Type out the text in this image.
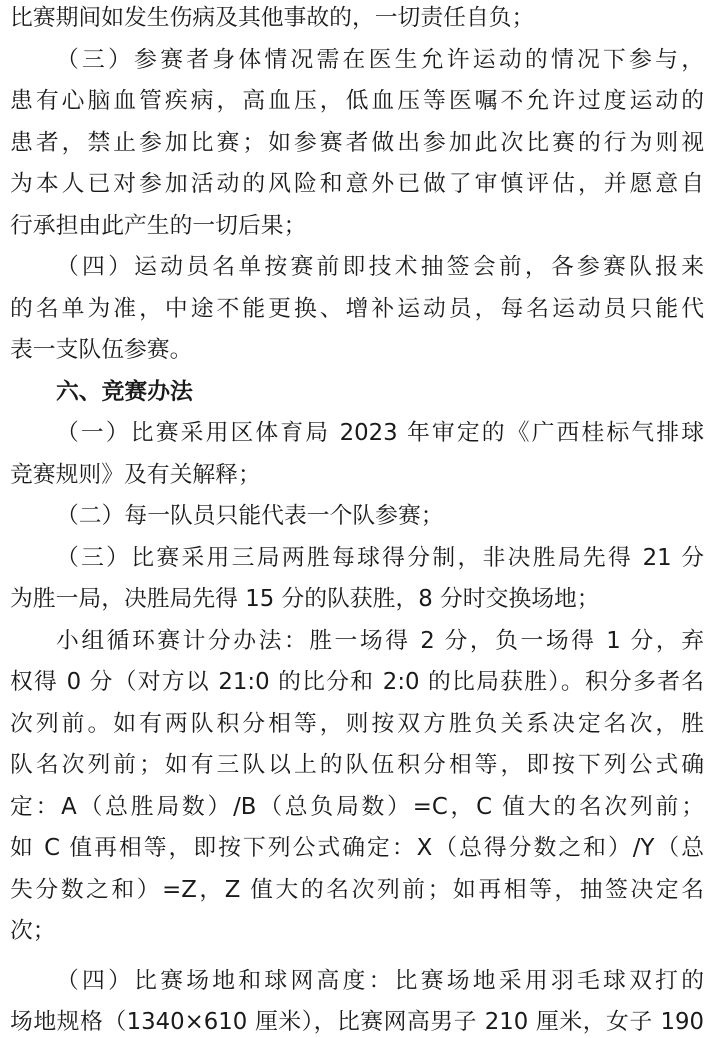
比赛期间如发生伤病及其他事故的，一切责任自负；
（三）参赛者身体情况需在医生允许运动的情况下参与，
患有心脑血管疾病，高血压，低血压等医嘱不允许过度运动的
患者，禁止参加比赛；如参赛者做出参加此次比赛的行为则视
为本人已对参加活动的风险和意外已做了审慎评估，并愿意自
行承担由此产生的一切后果；
（四）运动员名单按赛前即技术抽签会前，各参赛队报来
的名单为准，中途不能更换、增补运动员，每名运动员只能代
表一支队伍参赛。
六、竞赛办法
（一）比赛采用区体育局 2023 年审定的《广西桂标气排球
竞赛规则》及有关解释；
（二）每一队员只能代表一个队参赛；
（三）比赛采用三局两胜每球得分制，非决胜局先得 21 分
为胜一局，决胜局先得 15 分的队获胜，8 分时交换场地；
小组循环赛计分办法：胜一场得 2 分，负一场得 1 分，弃
权得 0 分（对方以 21:0 的比分和 2:0 的比局获胜）。积分多者名
次列前。如有两队积分相等，则按双方胜负关系决定名次，胜
队名次列前；如有三队以上的队伍积分相等，即按下列公式确
定：A（总胜局数）/B（总负局数）=C，C 值大的名次列前；
如 C 值再相等，即按下列公式确定：X（总得分数之和）/Y（总
失分数之和）=Z，Z 值大的名次列前；如再相等，抽签决定名
次；
（四）比赛场地和球网高度：比赛场地采用羽毛球双打的
场地规格（1340×610 厘米），比赛网高男子 210 厘米，女子 190
